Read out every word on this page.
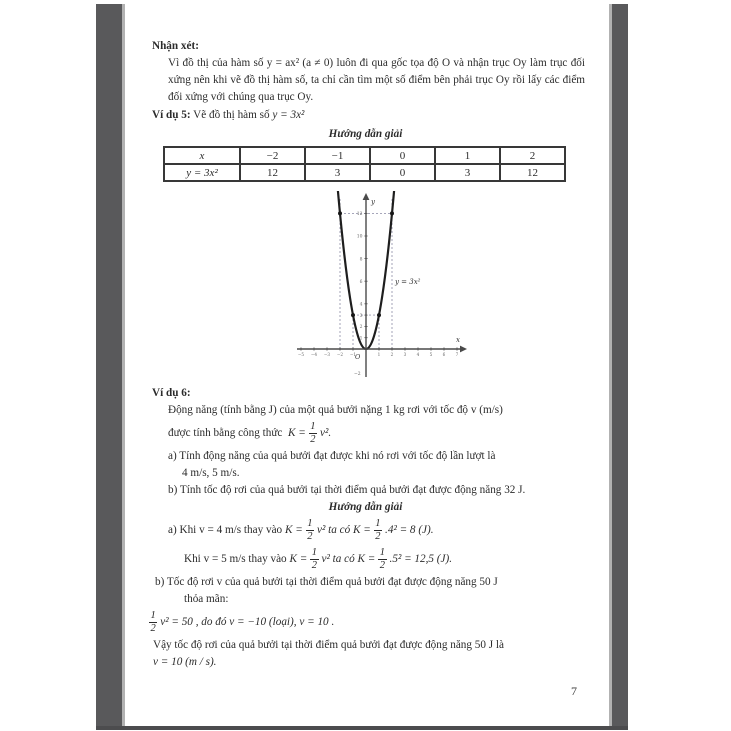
Nhận xét:
Vì đồ thị của hàm số y = ax² (a ≠ 0) luôn đi qua gốc tọa độ O và nhận trục Oy làm trục đối xứng nên khi vẽ đồ thị hàm số, ta chỉ cần tìm một số điểm bên phải trục Oy rồi lấy các điểm đối xứng với chúng qua trục Oy.
Ví dụ 5: Vẽ đồ thị hàm số y = 3x²
Hướng dẫn giải
x	−2	−1	0	1	2
y = 3x²	12	3	0	3	12
−5 −4 −3 −2 −1	1 2 3 4 5 6 7
1
2
3
4
6
8
10
12
y
x
O
−2
y = 3x²
Ví dụ 6:
Động năng (tính bằng J) của một quả bưởi nặng 1 kg rơi với tốc độ v (m/s)
được tính bằng công thức
$K = \frac{1}{2} v^2$.
a) Tính động năng của quả bưởi đạt được khi nó rơi với tốc độ lần lượt là
4 m/s, 5 m/s.
b) Tính tốc độ rơi của quả bưởi tại thời điểm quả bưởi đạt được động năng 32 J.
Hướng dẫn giải
a) Khi v = 4 m/s thay vào
$K = \frac{1}{2} v^2$ ta có
$K = \frac{1}{2} .4^2 = 8$ (J).
Khi v = 5 m/s thay vào
$K = \frac{1}{2} v^2$ ta có
$K = \frac{1}{2} .5^2 = 12,5$ (J).
b) Tốc độ rơi v của quả bưởi tại thời điểm quả bưởi đạt được động năng 50 J
thỏa mãn:
$\frac{1}{2} v^2 = 50$ , do đó v = −10 (loại), v = 10 .
Vậy tốc độ rơi của quả bưởi tại thời điểm quả bưởi đạt được động năng 50 J là
v = 10 (m / s).
7
